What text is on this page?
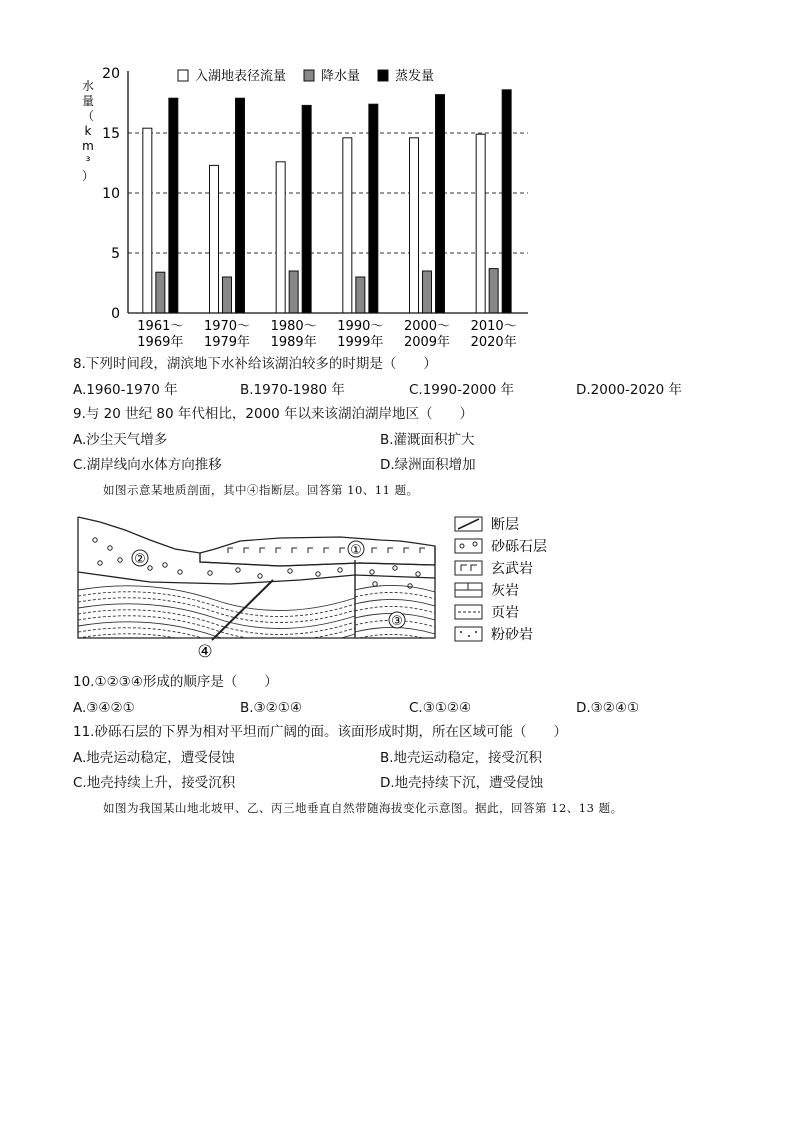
0
5
10
15
20
1961～
1969年
1970～
1979年
1980～
1989年
1990～
1999年
2000～
2009年
2010～
2020年
入湖地表径流量	降水量	蒸发量
水
量
（
k
m
³
）
8.下列时间段，湖滨地下水补给该湖泊较多的时期是（　　）
A.1960-1970 年	B.1970-1980 年	C.1990-2000 年	D.2000-2020 年
9.与 20 世纪 80 年代相比，2000 年以来该湖泊湖岸地区（　　）
A.沙尘天气增多	B.灌溉面积扩大
C.湖岸线向水体方向推移	D.绿洲面积增加
如图示意某地质剖面，其中④指断层。回答第 10、11 题。
②
①
③
④
断层
砂砾石层
玄武岩
灰岩
页岩
粉砂岩
10.①②③④形成的顺序是（　　）
A.③④②①	B.③②①④	C.③①②④	D.③②④①
11.砂砾石层的下界为相对平坦而广阔的面。该面形成时期，所在区域可能（　　）
A.地壳运动稳定，遭受侵蚀	B.地壳运动稳定，接受沉积
C.地壳持续上升，接受沉积	D.地壳持续下沉，遭受侵蚀
如图为我国某山地北坡甲、乙、丙三地垂直自然带随海拔变化示意图。据此，回答第 12、13 题。
